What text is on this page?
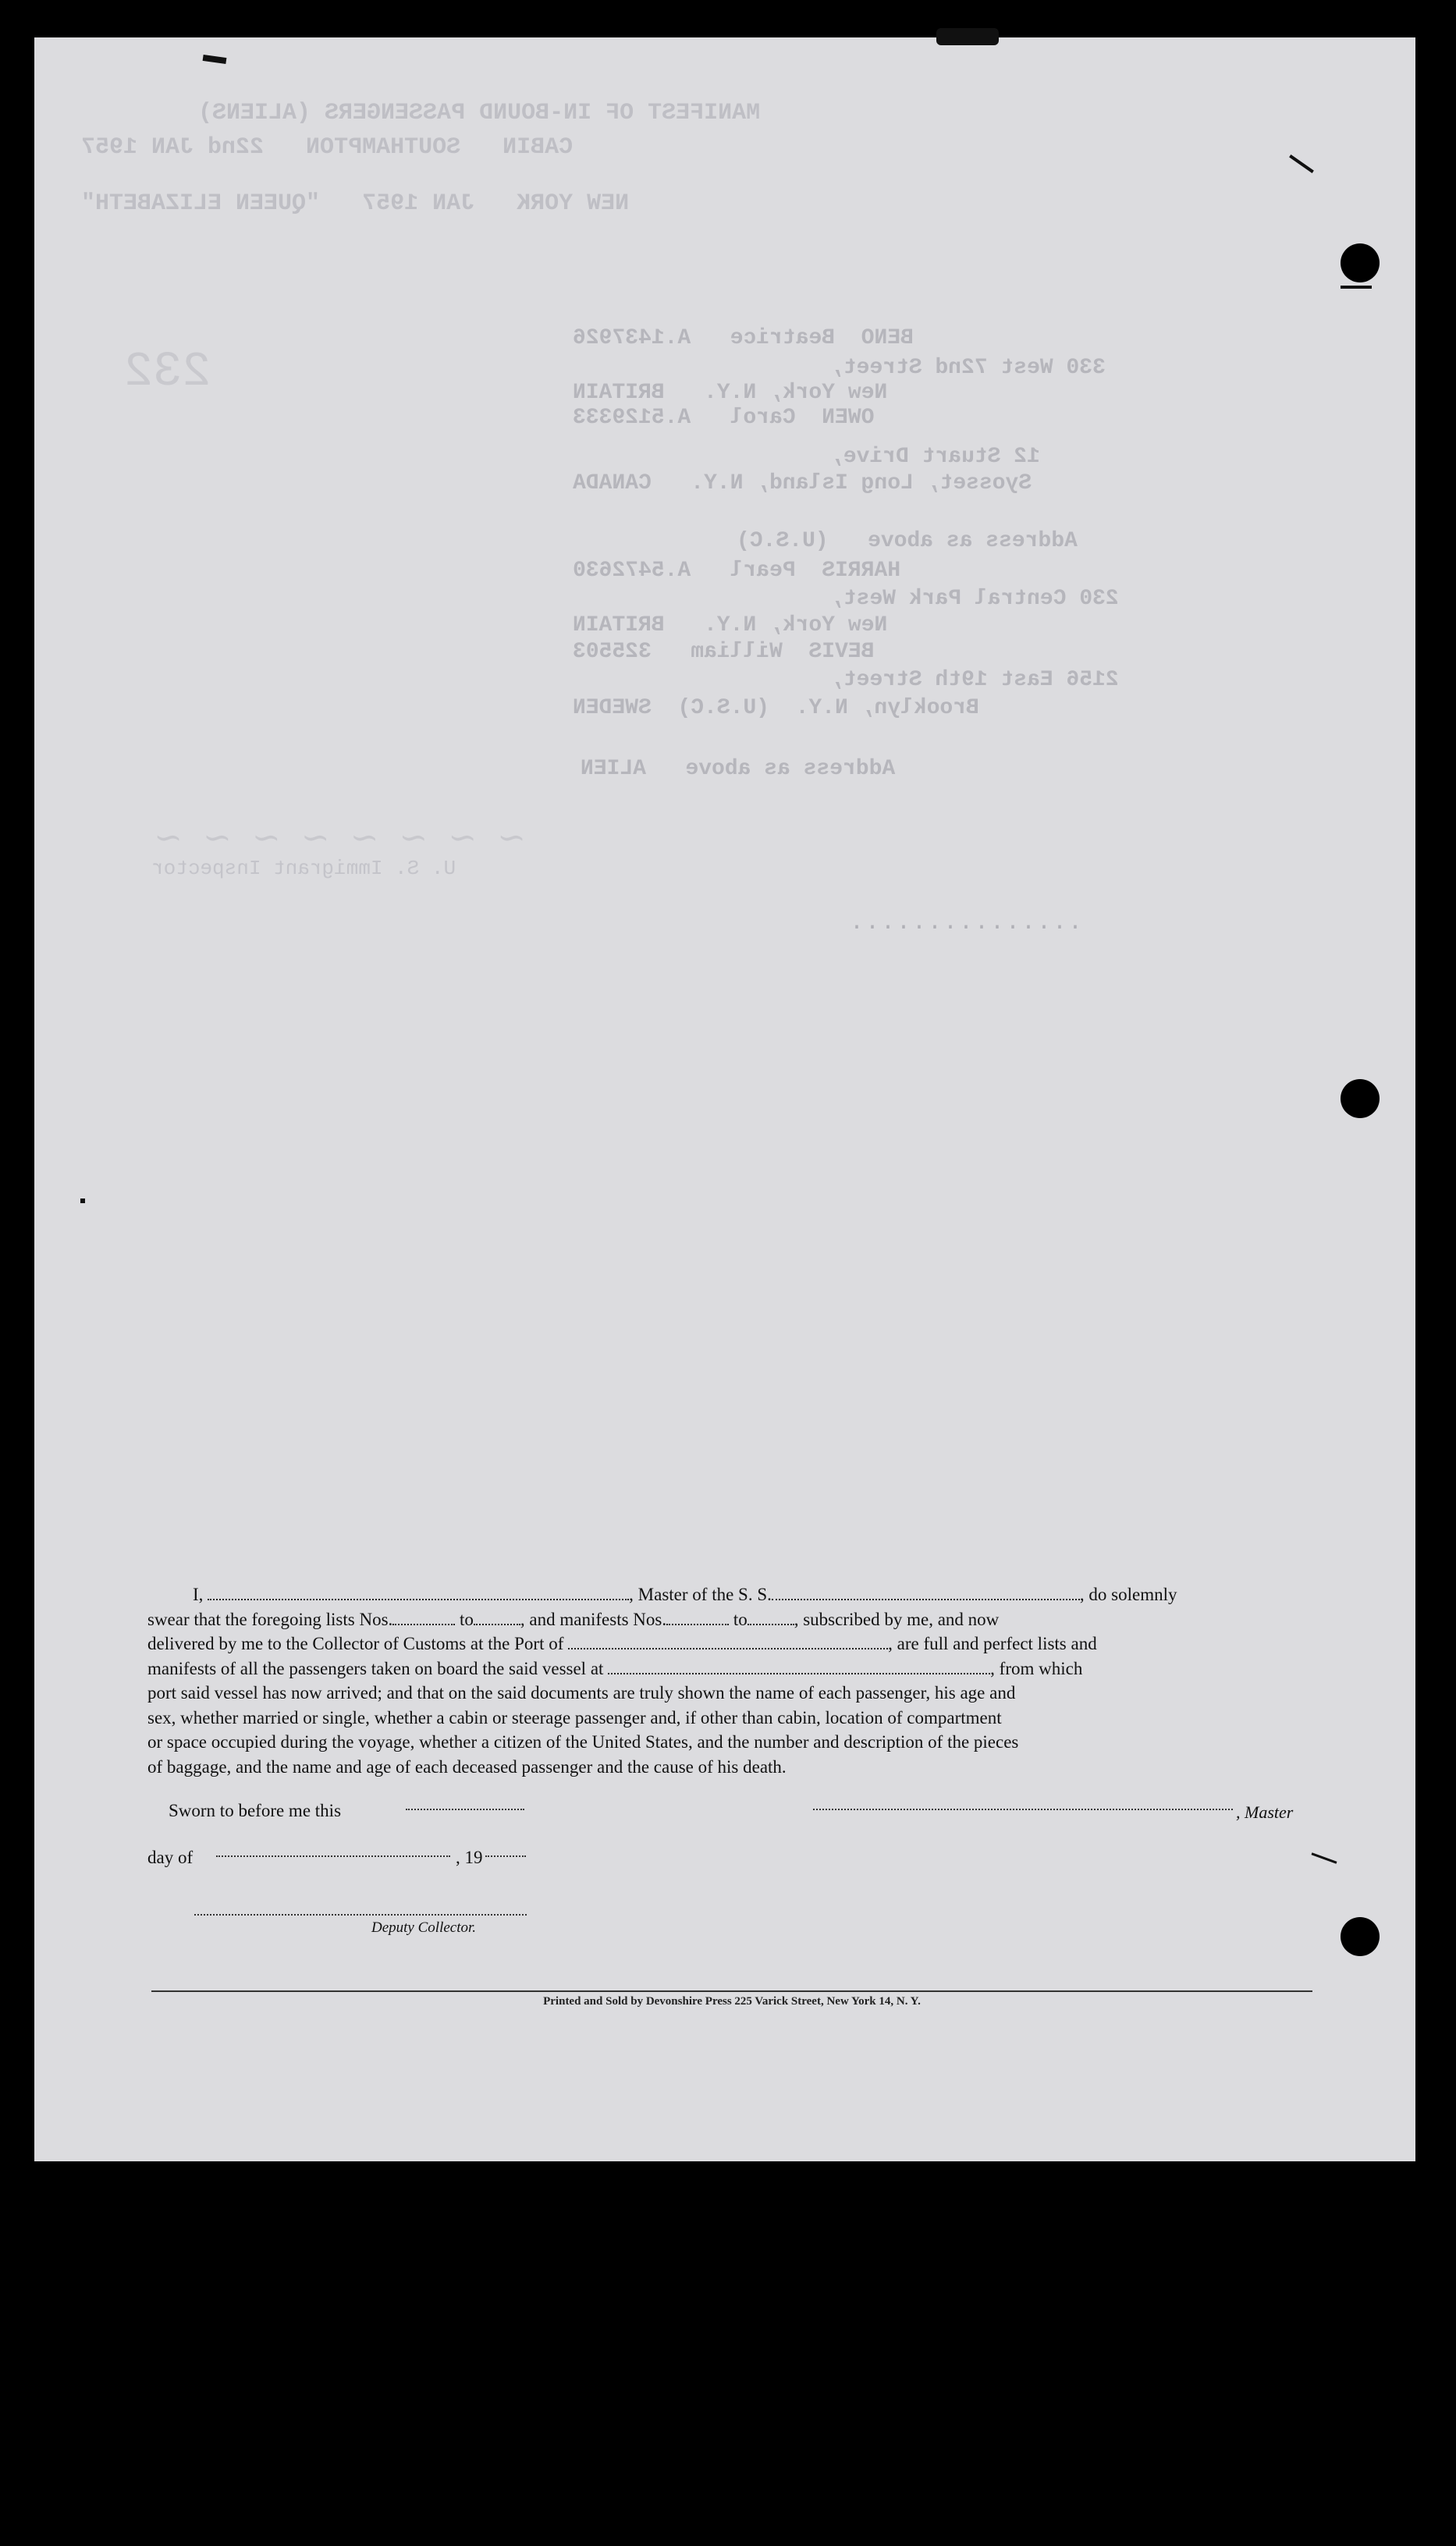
MANIFEST OF IN-BOUND PASSENGERS (ALIENS)
CABIN   SOUTHAMPTON   22nd JAN 1957
NEW YORK   JAN 1957   "QUEEN ELIZABETH"
232
BENO  Beatrice   A.1437926
330 West 72nd Street,
New York, N.Y.   BRITAIN
OWEN  Carol   A.5129333
12 Stuart Drive,
Syosset, Long Island, N.Y.   CANADA
Address as above   (U.S.C)
HARRIS  Pearl   A.5472630
230 Central Park West,
New York, N.Y.   BRITAIN
BEVIS  William   325503
2156 East 19th Street,
Brooklyn, N.Y.  (U.S.C)  SWEDEN
Address as above   ALIEN
~ ~ ~ ~ ~ ~ ~ ~
U. S. Immigrant Inspector
...............
I,	, Master of the S. S.	, do solemnly
swear that the foregoing lists Nos.	to	, and manifests Nos.	to	, subscribed by me, and now
delivered by me to the Collector of Customs at the Port of	, are full and perfect lists and
manifests of all the passengers taken on board the said vessel at	, from which
port said vessel has now arrived; and that on the said documents are truly shown the name of each passenger, his age and
sex, whether married or single, whether a cabin or steerage passenger and, if other than cabin, location of compartment
or space occupied during the voyage, whether a citizen of the United States, and the number and description of the pieces
of baggage, and the name and age of each deceased passenger and the cause of his death.
Sworn to before me this	, Master
day of	, 19
Deputy Collector.
Printed and Sold by Devonshire Press 225 Varick Street, New York 14, N. Y.
